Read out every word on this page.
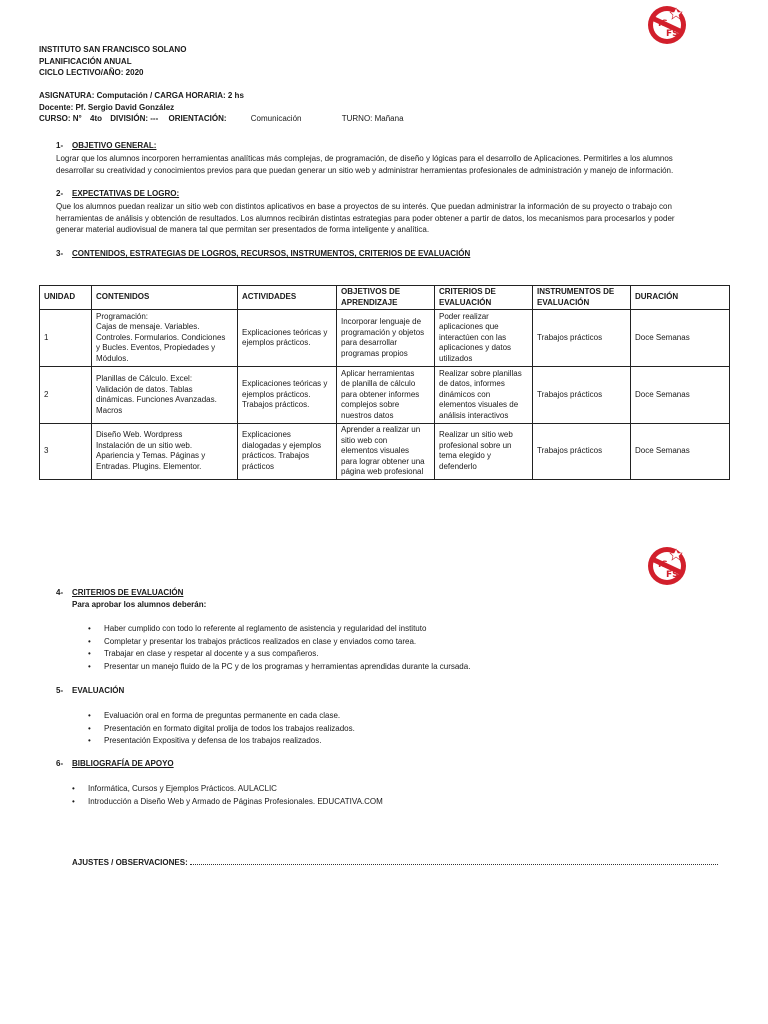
IS
FS
IS
FS
INSTITUTO SAN FRANCISCO SOLANO
PLANIFICACIÓN ANUAL
CICLO LECTIVO/AÑO: 2020

ASIGNATURA: Computación / CARGA HORARIA: 2 hs
Docente: Pf. Sergio David González
CURSO: N° 4to DIVISIÓN: --- ORIENTACIÓN:	Comunicación	TURNO: Mañana
1- OBJETIVO GENERAL:
Lograr que los alumnos incorporen herramientas analíticas más complejas, de programación, de diseño y lógicas para el desarrollo de Aplicaciones. Permitirles a los alumnos
desarrollar su creatividad y conocimientos previos para que puedan generar un sitio web y administrar herramientas profesionales de administración y manejo de información.
2- EXPECTATIVAS DE LOGRO:
Que los alumnos puedan realizar un sitio web con distintos aplicativos en base a proyectos de su interés. Que puedan administrar la información de su proyecto o trabajo con
herramientas de análisis y obtención de resultados. Los alumnos recibirán distintas estrategias para poder obtener a partir de datos, los mecanismos para procesarlos y poder
generar material audiovisual de manera tal que permitan ser presentados de forma inteligente y analítica.
3- CONTENIDOS, ESTRATEGIAS DE LOGROS, RECURSOS, INSTRUMENTOS, CRITERIOS DE EVALUACIÓN
UNIDAD	CONTENIDOS	ACTIVIDADES	OBJETIVOS DE
APRENDIZAJE	CRITERIOS DE
EVALUACIÓN	INSTRUMENTOS DE
EVALUACIÓN	DURACIÓN
1	Programación:
Cajas de mensaje. Variables.
Controles. Formularios. Condiciones
y Bucles. Eventos, Propiedades y
Módulos.	Explicaciones teóricas y
ejemplos prácticos.	Incorporar lenguaje de
programación y objetos
para desarrollar
programas propios	Poder realizar
aplicaciones que
interactúen con las
aplicaciones y datos
utilizados	Trabajos prácticos	Doce Semanas
2	Planillas de Cálculo. Excel:
Validación de datos. Tablas
dinámicas. Funciones Avanzadas.
Macros	Explicaciones teóricas y
ejemplos prácticos.
Trabajos prácticos.	Aplicar herramientas
de planilla de cálculo
para obtener informes
complejos sobre
nuestros datos	Realizar sobre planillas
de datos, informes
dinámicos con
elementos visuales de
análisis interactivos	Trabajos prácticos	Doce Semanas
3	Diseño Web. Wordpress
Instalación de un sitio web.
Apariencia y Temas. Páginas y
Entradas. Plugins. Elementor.	Explicaciones
dialogadas y ejemplos
prácticos. Trabajos
prácticos	Aprender a realizar un
sitio web con
elementos visuales
para lograr obtener una
página web profesional	Realizar un sitio web
profesional sobre un
tema elegido y
defenderlo	Trabajos prácticos	Doce Semanas
4- CRITERIOS DE EVALUACIÓN
Para aprobar los alumnos deberán:
• Haber cumplido con todo lo referente al reglamento de asistencia y regularidad del instituto
• Completar y presentar los trabajos prácticos realizados en clase y enviados como tarea.
• Trabajar en clase y respetar al docente y a sus compañeros.
• Presentar un manejo fluido de la PC y de los programas y herramientas aprendidas durante la cursada.
5- EVALUACIÓN
• Evaluación oral en forma de preguntas permanente en cada clase.
• Presentación en formato digital prolija de todos los trabajos realizados.
• Presentación Expositiva y defensa de los trabajos realizados.
6- BIBLIOGRAFÍA DE APOYO
• Informática, Cursos y Ejemplos Prácticos. AULACLIC
• Introducción a Diseño Web y Armado de Páginas Profesionales. EDUCATIVA.COM
AJUSTES / OBSERVACIONES:
